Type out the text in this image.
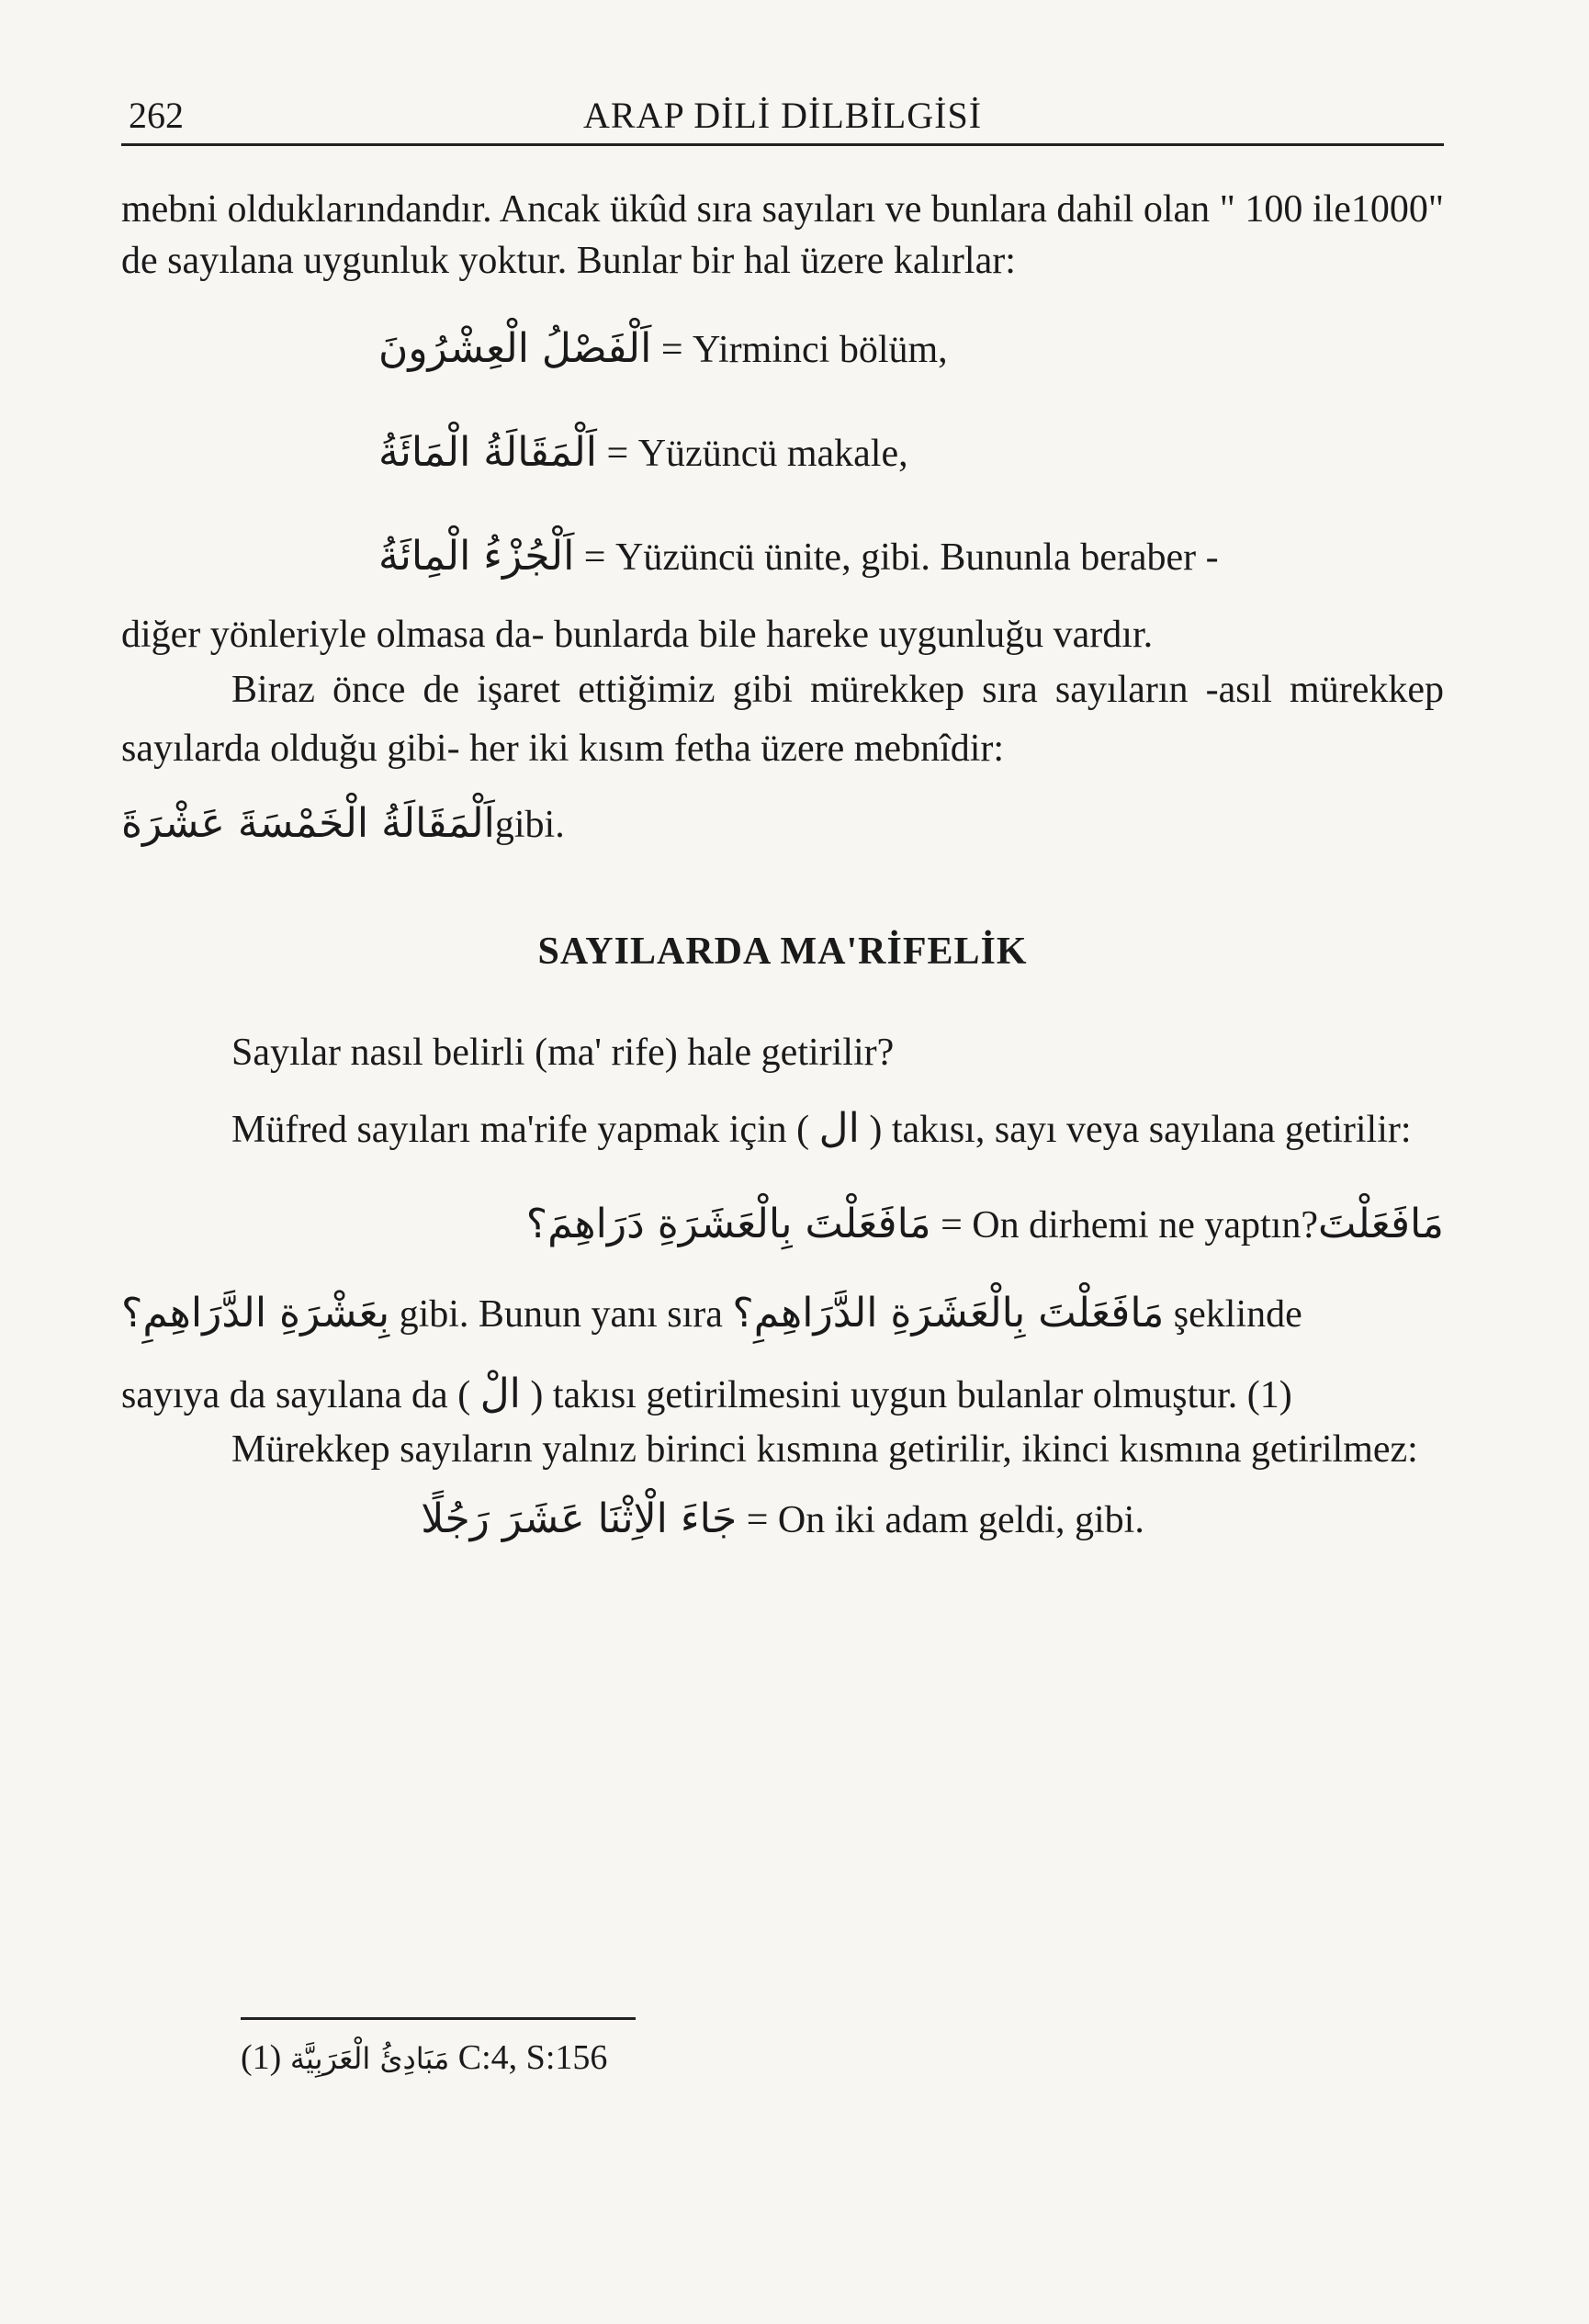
262	ARAP DİLİ DİLBİLGİSİ

mebni olduklarındandır. Ancak ükûd sıra sayıları ve bunlara dahil olan " 100 ile1000" de sayılana uygunluk yoktur. Bunlar bir hal üzere kalırlar:

اَلْفَصْلُ الْعِشْرُونَ = Yirminci bölüm,

اَلْمَقَالَةُ الْمَائَةُ = Yüzüncü makale,

اَلْجُزْءُ الْمِائَةُ = Yüzüncü ünite, gibi. Bununla beraber -

diğer yönleriyle olmasa da- bunlarda bile hareke uygunluğu vardır.

Biraz önce de işaret ettiğimiz gibi mürekkep sıra sayıların -asıl mürekkep sayılarda olduğu gibi- her iki kısım fetha üzere mebnîdir:

اَلْمَقَالَةُ الْخَمْسَةَ عَشْرَةَgibi.

SAYILARDA MA'RİFELİK

Sayılar nasıl belirli (ma' rife) hale getirilir?

Müfred sayıları ma'rife yapmak için ( ال ) takısı, sayı veya sayılana getirilir:

مَافَعَلْتَ بِالْعَشَرَةِ دَرَاهِمَ؟ = On dirhemi ne yaptın?مَافَعَلْتَ

بِعَشْرَةِ الدَّرَاهِمِ؟ gibi. Bunun yanı sıra مَافَعَلْتَ بِالْعَشَرَةِ الدَّرَاهِمِ؟ şeklinde

sayıya da sayılana da ( الْ ) takısı getirilmesini uygun bulanlar olmuştur. (1)

Mürekkep sayıların yalnız birinci kısmına getirilir, ikinci kısmına getirilmez:

جَاءَ الْاِثْنَا عَشَرَ رَجُلًا = On iki adam geldi, gibi.

(1) مَبَادِئُ الْعَرَبِيَّة C:4, S:156
